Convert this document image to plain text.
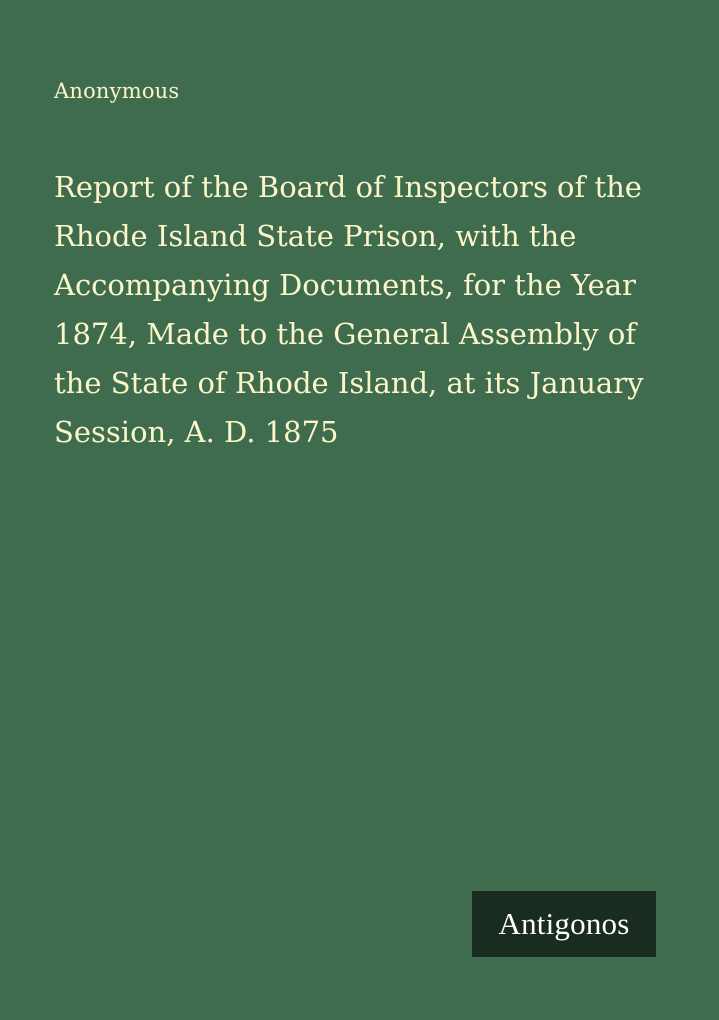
Anonymous
Report of the Board of Inspectors of the Rhode Island State Prison, with the Accompanying Documents, for the Year 1874, Made to the General Assembly of the State of Rhode Island, at its January Session, A. D. 1875
Antigonos
